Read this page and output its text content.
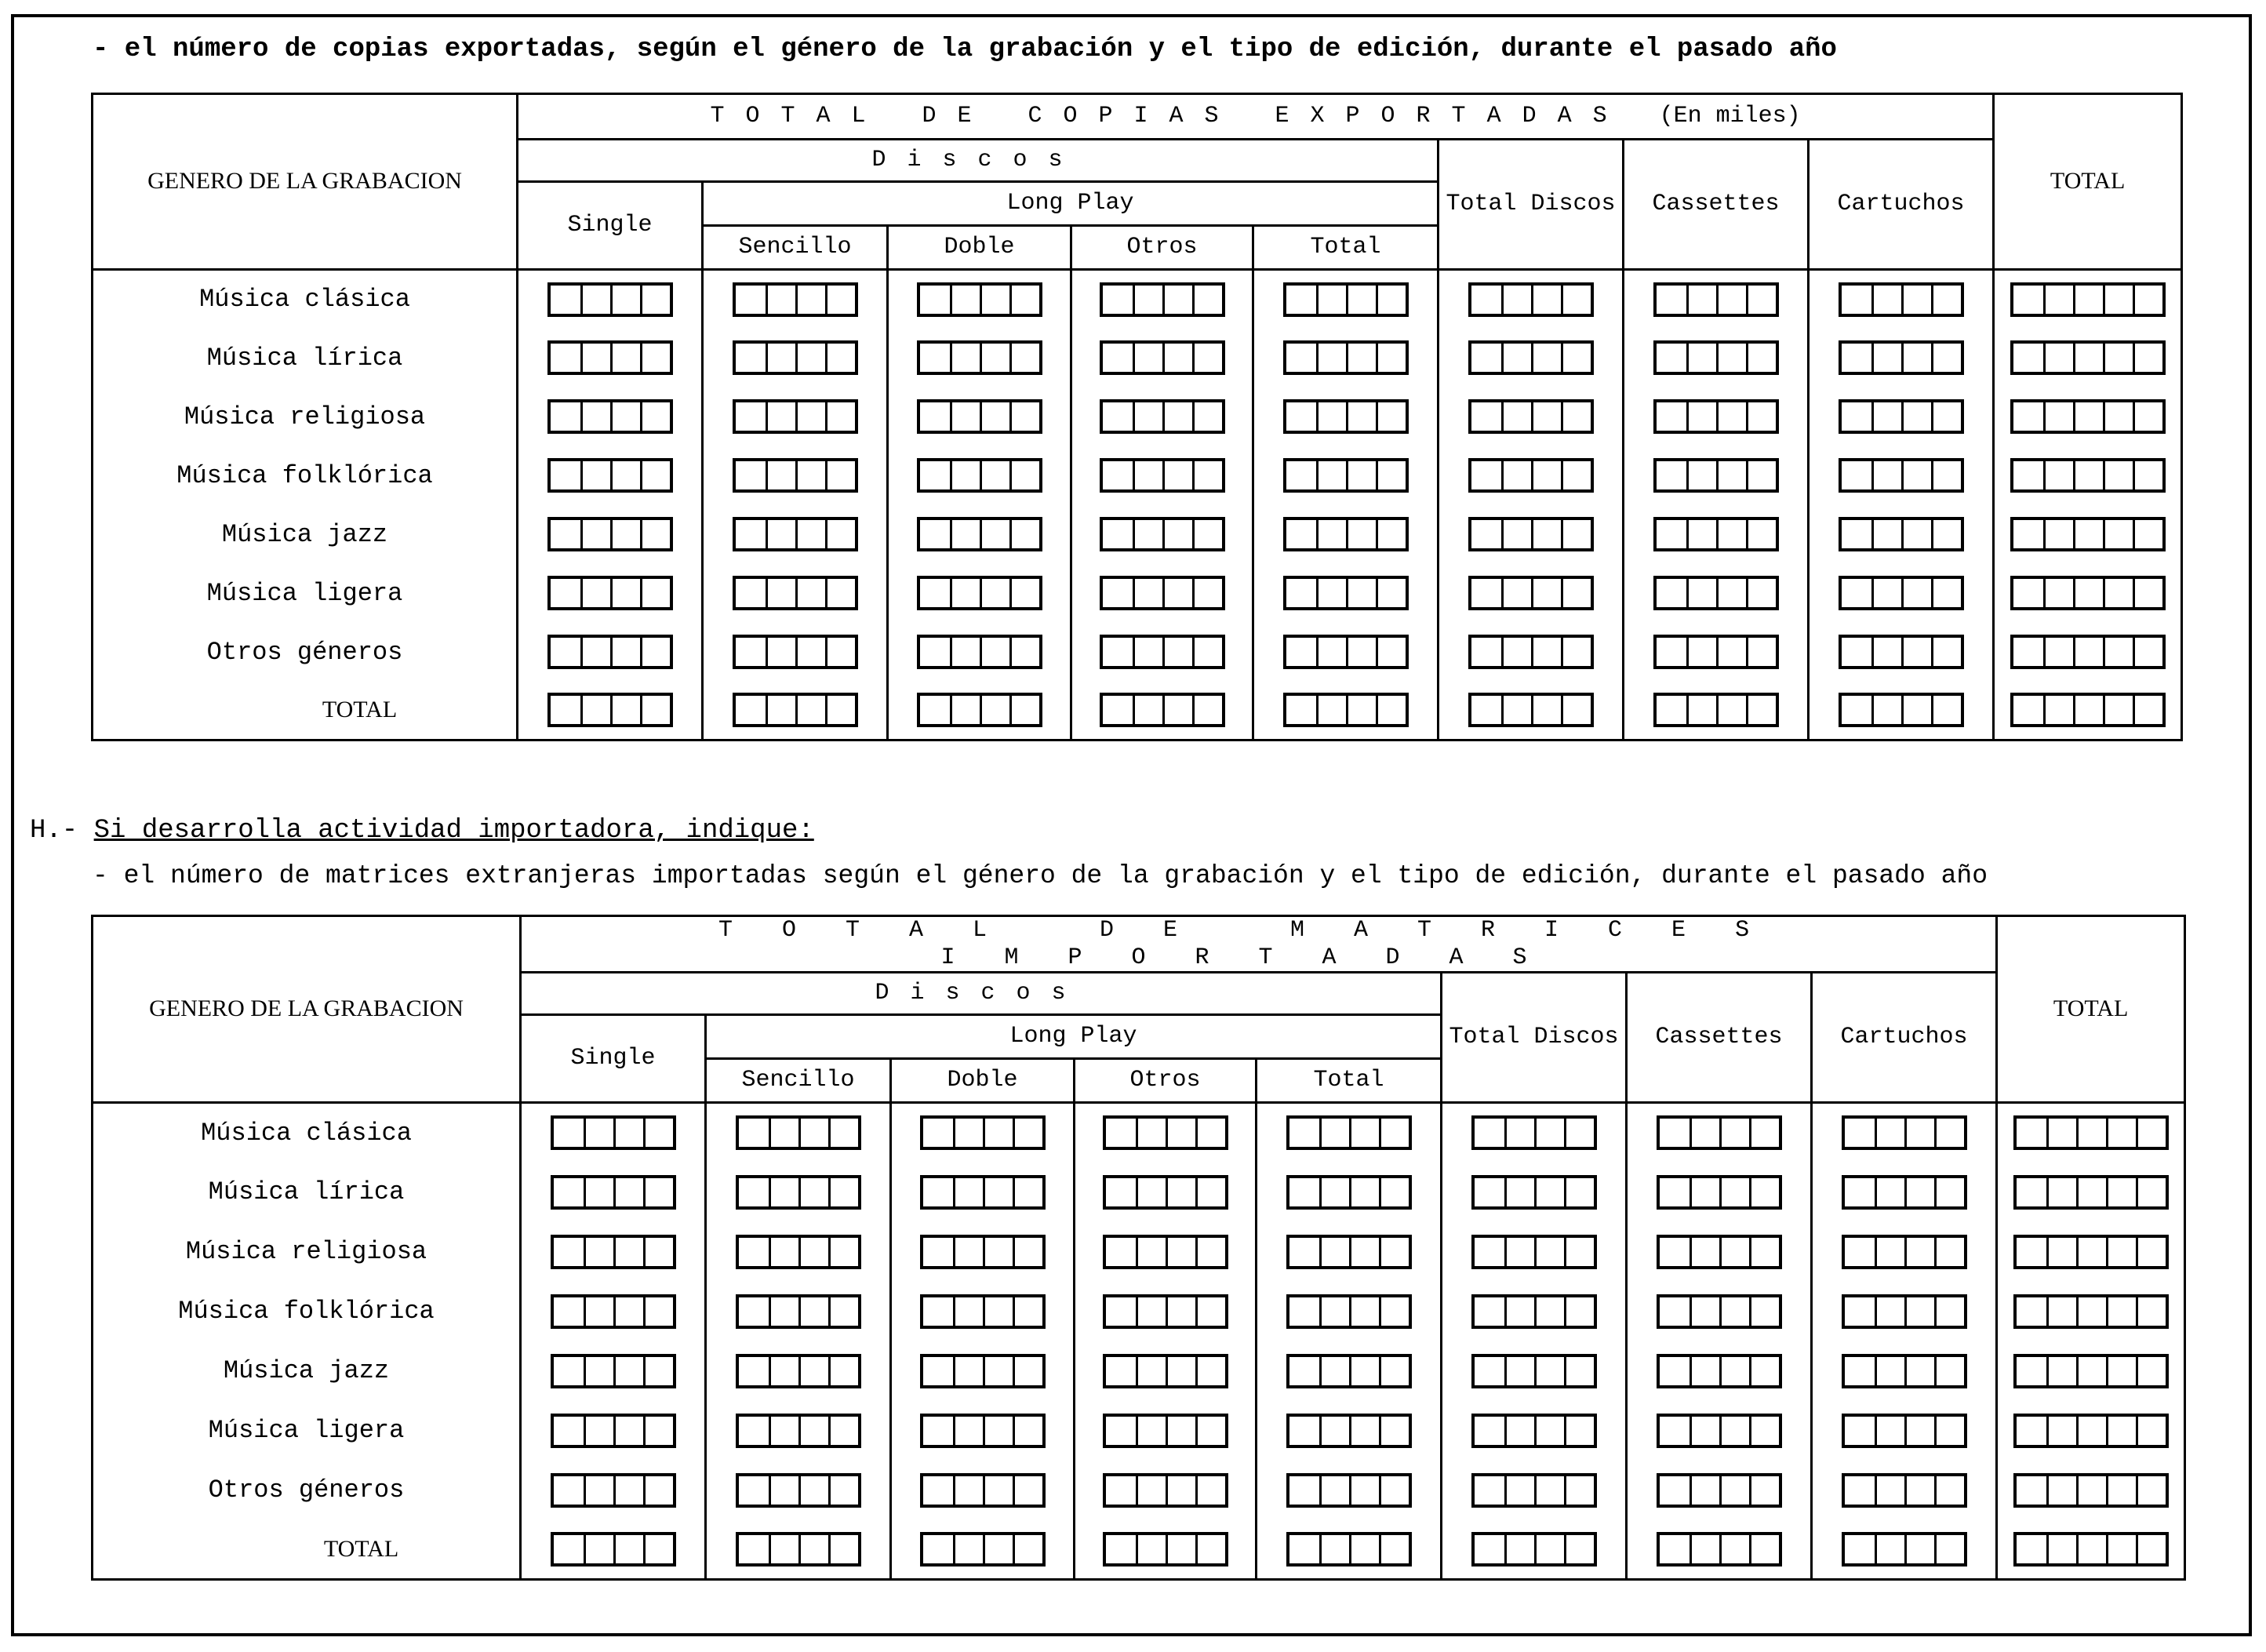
- el número de copias exportadas, según el género de la grabación y el tipo de edición, durante el pasado año
GENERO DE LA GRABACION	TOTAL DE COPIAS EXPORTADAS (En miles)								TOTAL
	Discos					Total Discos	Cassettes	Cartuchos	
	Single	Long Play							
		Sencillo	Doble	Otros	Total				
Música clásica	

Música lírica	

Música religiosa	

Música folklórica	

Música jazz	

Música ligera	

Otros géneros	

TOTAL	

H.- Si desarrolla actividad importadora, indique:
- el número de matrices extranjeras importadas según el género de la grabación y el tipo de edición, durante el pasado año
GENERO DE LA GRABACION	TOTAL DE MATRICES IMPORTADAS								TOTAL
	Discos					Total Discos	Cassettes	Cartuchos	
	Single	Long Play							
		Sencillo	Doble	Otros	Total				
Música clásica	

Música lírica	

Música religiosa	

Música folklórica	

Música jazz	

Música ligera	

Otros géneros	

TOTAL	
